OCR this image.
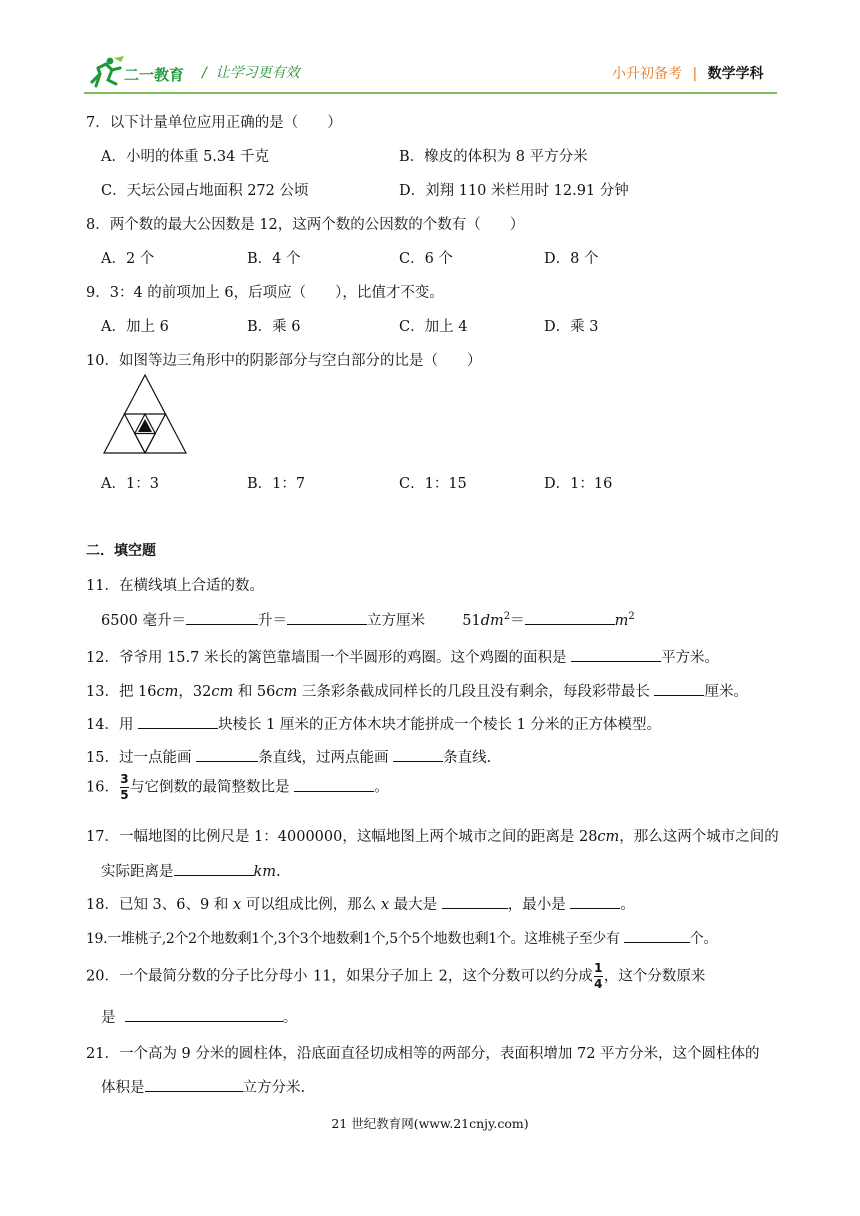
二一教育 /  让学习更有效	小升初备考 | 数学学科
7．以下计量单位应用正确的是（　　）
A．小明的体重 5.34 千克	B．橡皮的体积为 8 平方分米
C．天坛公园占地面积 272 公顷	D．刘翔 110 米栏用时 12.91 分钟
8．两个数的最大公因数是 12，这两个数的公因数的个数有（　　）
A．2 个	B．4 个	C．6 个	D．8 个
9．3：4 的前项加上 6，后项应（　　），比值才不变。
A．加上 6	B．乘 6	C．加上 4	D．乘 3
10．如图等边三角形中的阴影部分与空白部分的比是（　　）
A．1：3	B．1：7	C．1：15	D．1：16
二．填空题
11．在横线填上合适的数。
6500 毫升＝	升＝	立方厘米	$51dm^2=$	$m^2$
12．爷爷用 15.7 米长的篱笆靠墙围一个半圆形的鸡圈。这个鸡圈的面积是	平方米。
13．把 16cm，32cm 和 56cm 三条彩条截成同样长的几段且没有剩余，每段彩带最长	厘米。
14．用	块棱长 1 厘米的正方体木块才能拼成一个棱长 1 分米的正方体模型。
15．过一点能画	条直线，过两点能画	条直线.
16． $\frac{3}{5}$ 与它倒数的最简整数比是	。
17．一幅地图的比例尺是 1：4000000，这幅地图上两个城市之间的距离是 28cm，那么这两个城市之间的
实际距离是	km.
18．已知 3、6、9 和 x 可以组成比例，那么 x 最大是	，最小是	。
19.一堆桃子,2个2个地数剩1个,3个3个地数剩1个,5个5个地数也剩1个。这堆桃子至少有	个。
20．一个最简分数的分子比分母小 11，如果分子加上 2，这个分数可以约分成 $\frac{1}{4}$ ，这个分数原来
是	。
21．一个高为 9 分米的圆柱体，沿底面直径切成相等的两部分，表面积增加 72 平方分米，这个圆柱体的
体积是	立方分米.
21 世纪教育网(www.21cnjy.com)
